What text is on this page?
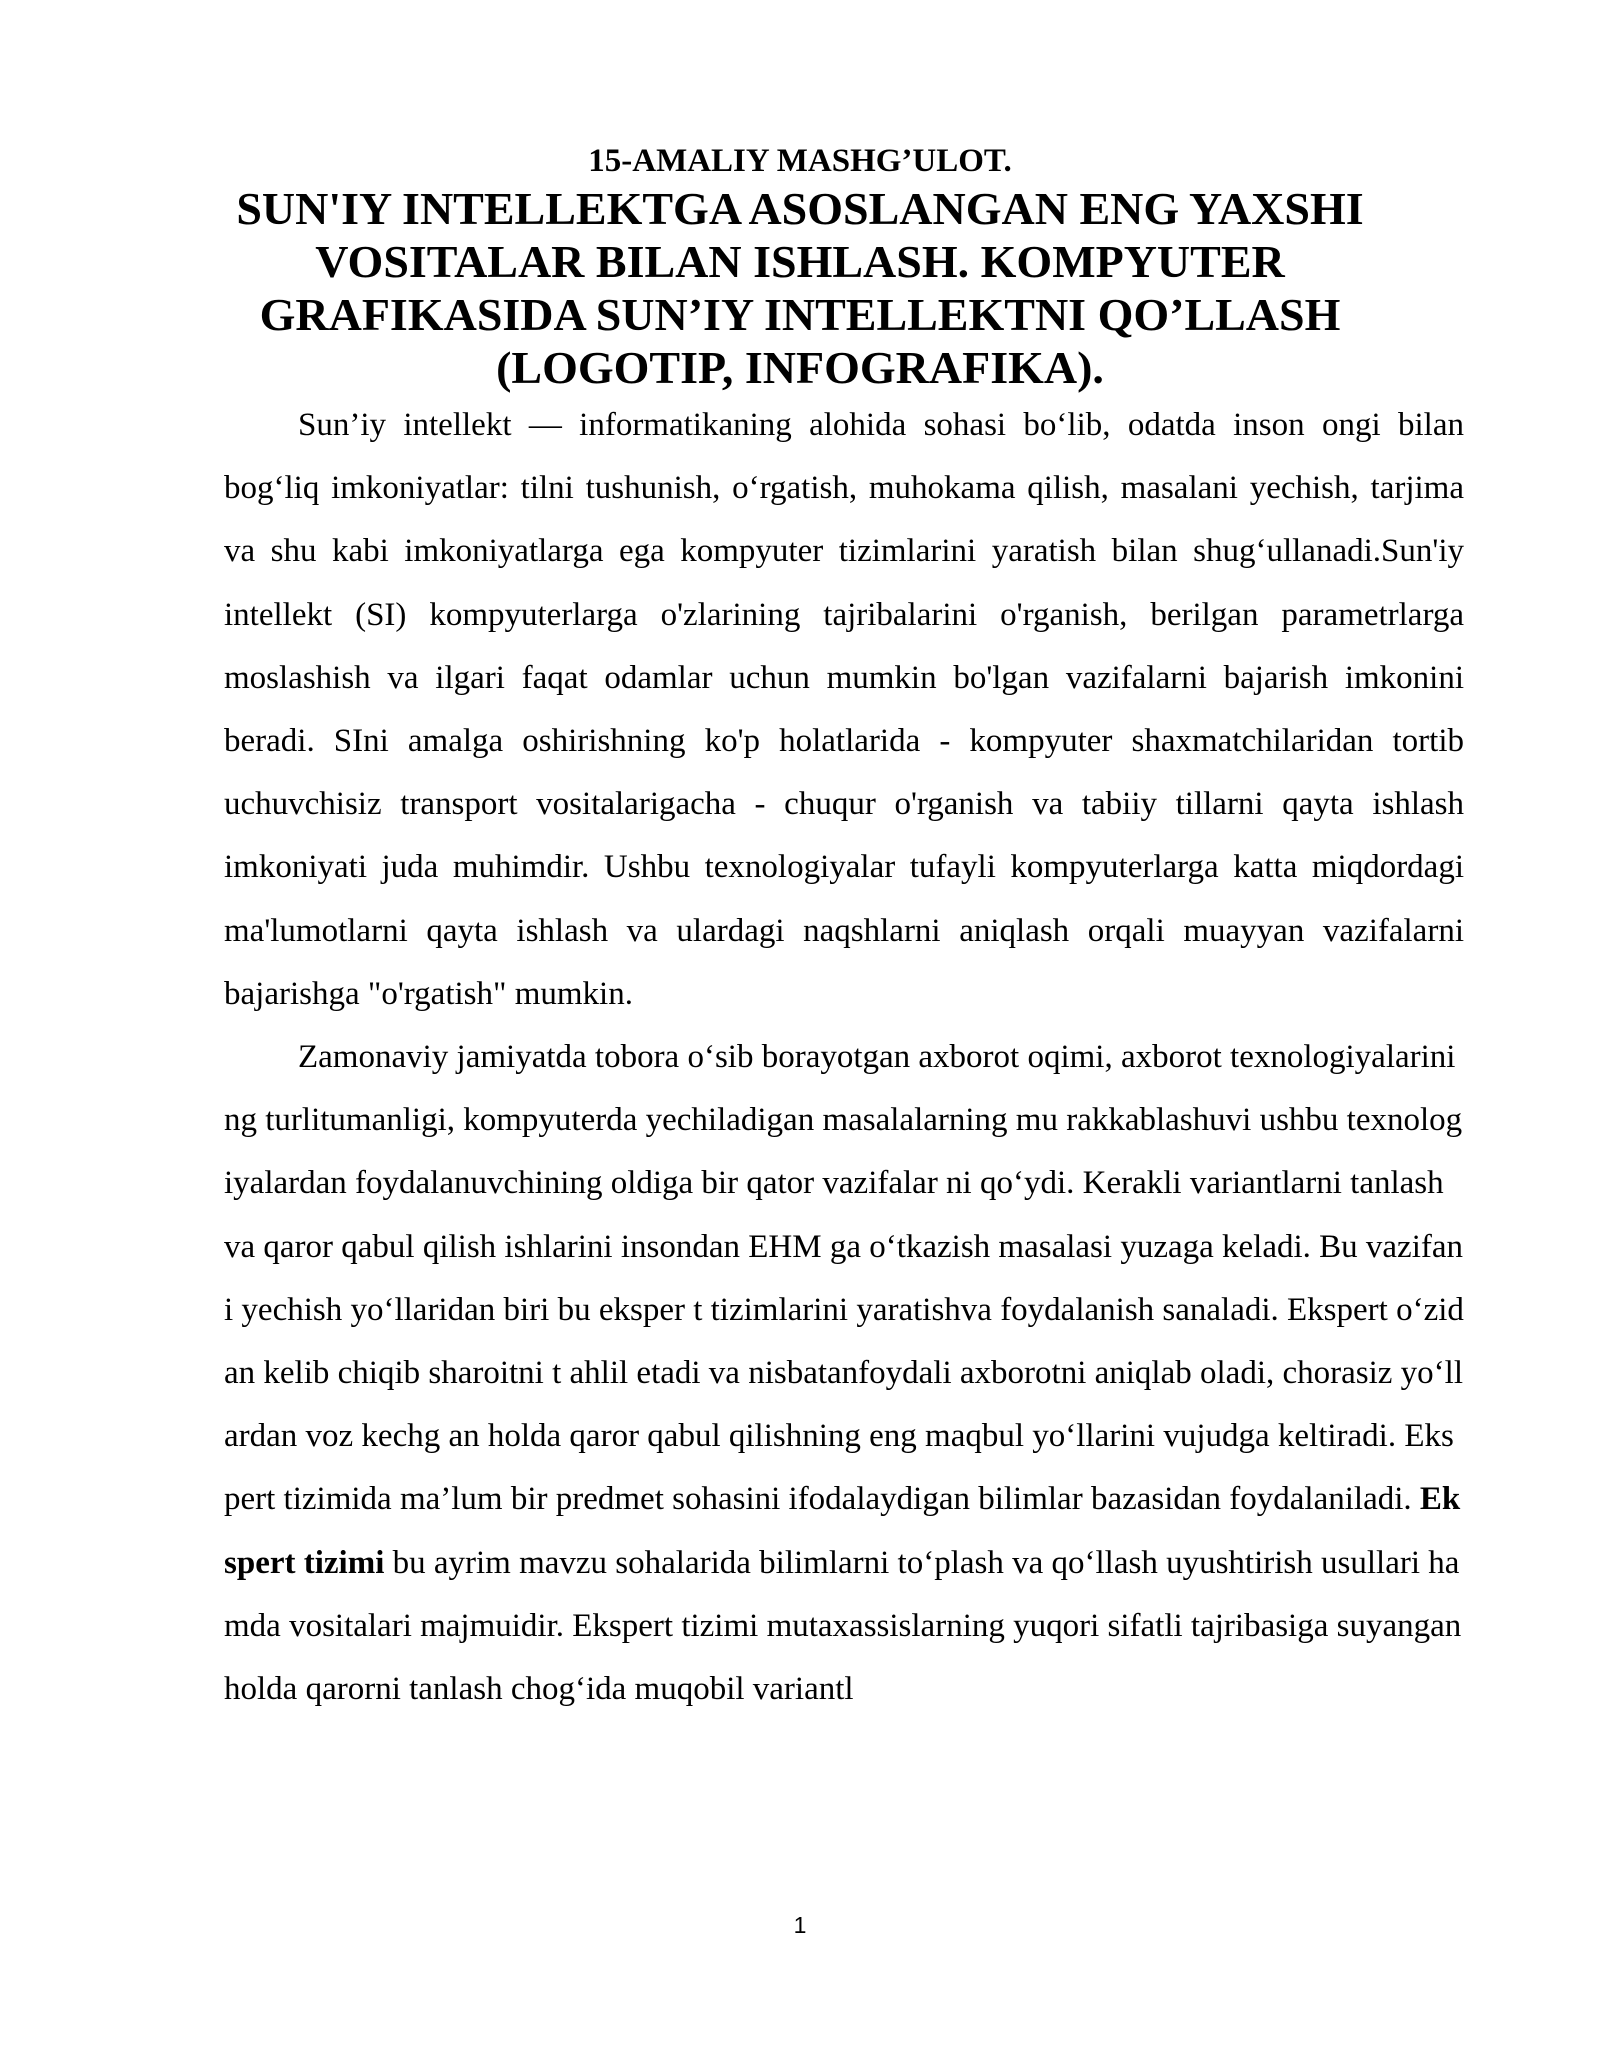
15-AMALIY MASHG’ULOT.

SUN'IY INTELLEKTGA ASOSLANGAN ENG YAXSHI
VOSITALAR BILAN ISHLASH. KOMPYUTER
GRAFIKASIDA SUN’IY INTELLEKTNI QO’LLASH
(LOGOTIP, INFOGRAFIKA).

Sun’iy intellekt — informatikaning alohida sohasi bo‘lib, odatda inson ongi bilan bog‘liq imkoniyatlar: tilni tushunish, o‘rgatish, muhokama qilish, masalani yechish, tarjima va shu kabi imkoniyatlarga ega kompyuter tizimlarini yaratish bilan shug‘ullanadi.Sun'iy intellekt (SI) kompyuterlarga o'zlarining tajribalarini o'rganish, berilgan parametrlarga moslashish va ilgari faqat odamlar uchun mumkin bo'lgan vazifalarni bajarish imkonini beradi. SIni amalga oshirishning ko'p holatlarida - kompyuter shaxmatchilaridan tortib uchuvchisiz transport vositalarigacha - chuqur o'rganish va tabiiy tillarni qayta ishlash imkoniyati juda muhimdir. Ushbu texnologiyalar tufayli kompyuterlarga katta miqdordagi ma'lumotlarni qayta ishlash va ulardagi naqshlarni aniqlash orqali muayyan vazifalarni bajarishga "o'rgatish" mumkin.

Zamonaviy jamiyatda tobora o‘sib borayotgan axborot oqimi, axborot texnologiyalarining turlitumanligi, kompyuterda yechiladigan masalalarning mu rakkablashuvi ushbu texnologiyalardan foydalanuvchining oldiga bir qator vazifalar ni qo‘ydi. Kerakli variantlarni tanlash va qaror qabul qilish ishlarini insondan EHM ga o‘tkazish masalasi yuzaga keladi. Bu vazifani yechish yo‘llaridan biri bu eksper t tizimlarini yaratishva foydalanish sanaladi. Ekspert o‘zidan kelib chiqib sharoitni t ahlil etadi va nisbatanfoydali axborotni aniqlab oladi, chorasiz yo‘llardan voz kechg an holda qaror qabul qilishning eng maqbul yo‘llarini vujudga keltiradi. Ekspert tizimida ma’lum bir predmet sohasini ifodalaydigan bilimlar bazasidan foydalaniladi. Ekspert tizimi bu ayrim mavzu sohalarida bilimlarni to‘plash va qo‘llash uyushtirish usullari hamda vositalari majmuidir. Ekspert tizimi mutaxassislarning yuqori sifatli tajribasiga suyangan holda qarorni tanlash chog‘ida muqobil variantl

1
